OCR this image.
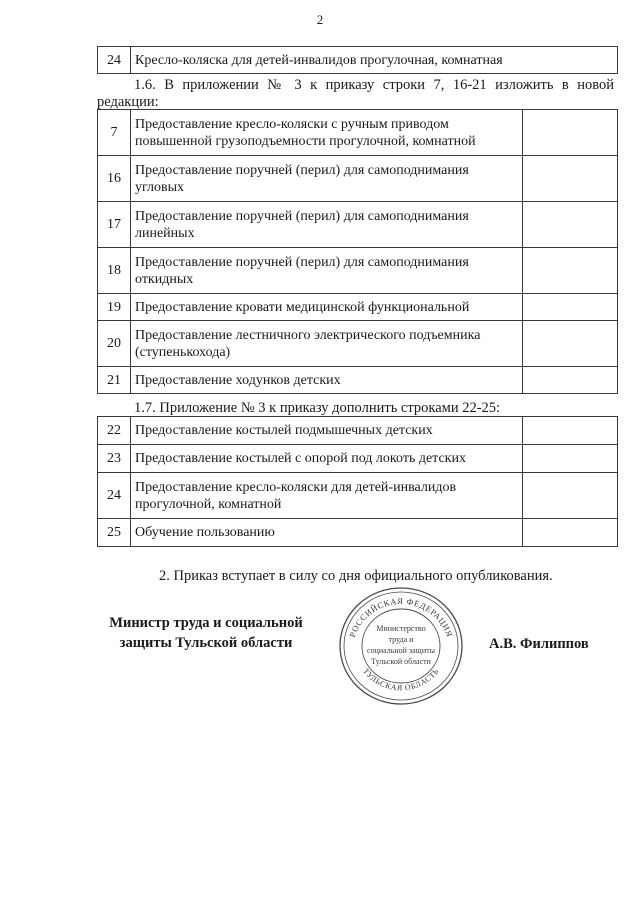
2
24	Кресло-коляска для детей-инвалидов прогулочная, комнатная
1.6. В приложении № 3 к приказу строки 7, 16-21 изложить в новой
редакции:
7	Предоставление кресло-коляски с ручным приводом повышенной грузоподъемности прогулочной, комнатной	
16	Предоставление поручней (перил) для самоподнимания угловых	
17	Предоставление поручней (перил) для самоподнимания линейных	
18	Предоставление поручней (перил) для самоподнимания откидных	
19	Предоставление кровати медицинской функциональной	
20	Предоставление лестничного электрического подъемника (ступенькохода)	
21	Предоставление ходунков детских	
1.7. Приложение № 3 к приказу дополнить строками 22-25:
22	Предоставление костылей подмышечных детских	
23	Предоставление костылей с опорой под локоть детских	
24	Предоставление кресло-коляски для детей-инвалидов прогулочной, комнатной	
25	Обучение пользованию	
2. Приказ вступает в силу со дня официального опубликования.
Министр труда и социальной
защиты Тульской области
РОССИЙСКАЯ ФЕДЕРАЦИЯ
ТУЛЬСКАЯ ОБЛАСТЬ
Министерство
труда и
социальной защиты
Тульской области
А.В. Филиппов
